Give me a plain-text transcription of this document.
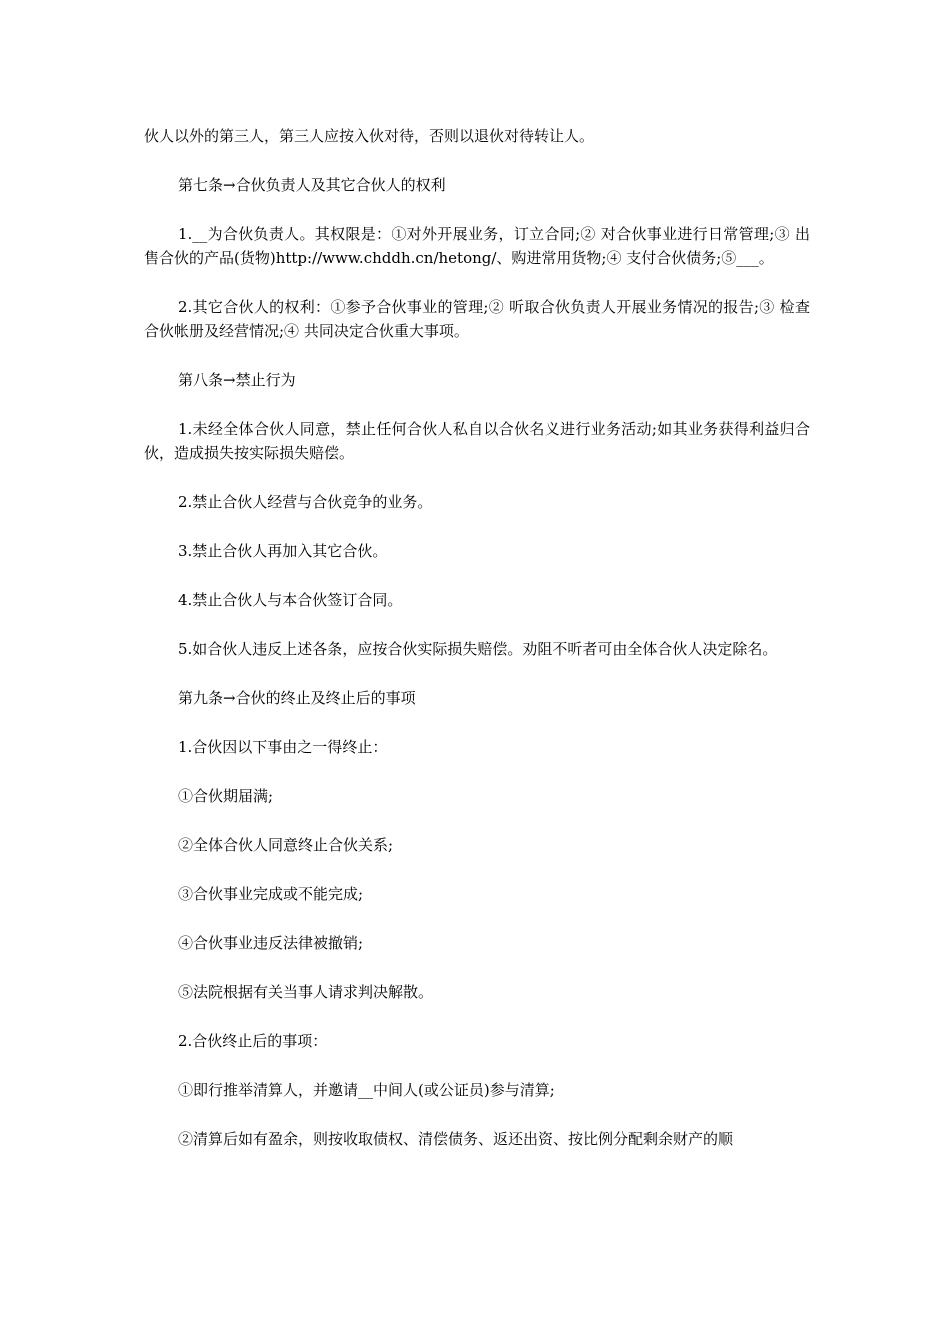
伙人以外的第三人，第三人应按入伙对待，否则以退伙对待转让人。

第七条→合伙负责人及其它合伙人的权利

1.__为合伙负责人。其权限是：①对外开展业务，订立合同;② 对合伙事业进行日常管理;③ 出售合伙的产品(货物)http://www.chddh.cn/hetong/、购进常用货物;④ 支付合伙债务;⑤___。

2.其它合伙人的权利：①参予合伙事业的管理;② 听取合伙负责人开展业务情况的报告;③ 检查合伙帐册及经营情况;④ 共同决定合伙重大事项。

第八条→禁止行为

1.未经全体合伙人同意，禁止任何合伙人私自以合伙名义进行业务活动;如其业务获得利益归合伙，造成损失按实际损失赔偿。

2.禁止合伙人经营与合伙竞争的业务。

3.禁止合伙人再加入其它合伙。

4.禁止合伙人与本合伙签订合同。

5.如合伙人违反上述各条，应按合伙实际损失赔偿。劝阻不听者可由全体合伙人决定除名。

第九条→合伙的终止及终止后的事项

1.合伙因以下事由之一得终止：

①合伙期届满;

②全体合伙人同意终止合伙关系;

③合伙事业完成或不能完成;

④合伙事业违反法律被撤销;

⑤法院根据有关当事人请求判决解散。

2.合伙终止后的事项：

①即行推举清算人，并邀请__中间人(或公证员)参与清算;

②清算后如有盈余，则按收取债权、清偿债务、返还出资、按比例分配剩余财产的顺
